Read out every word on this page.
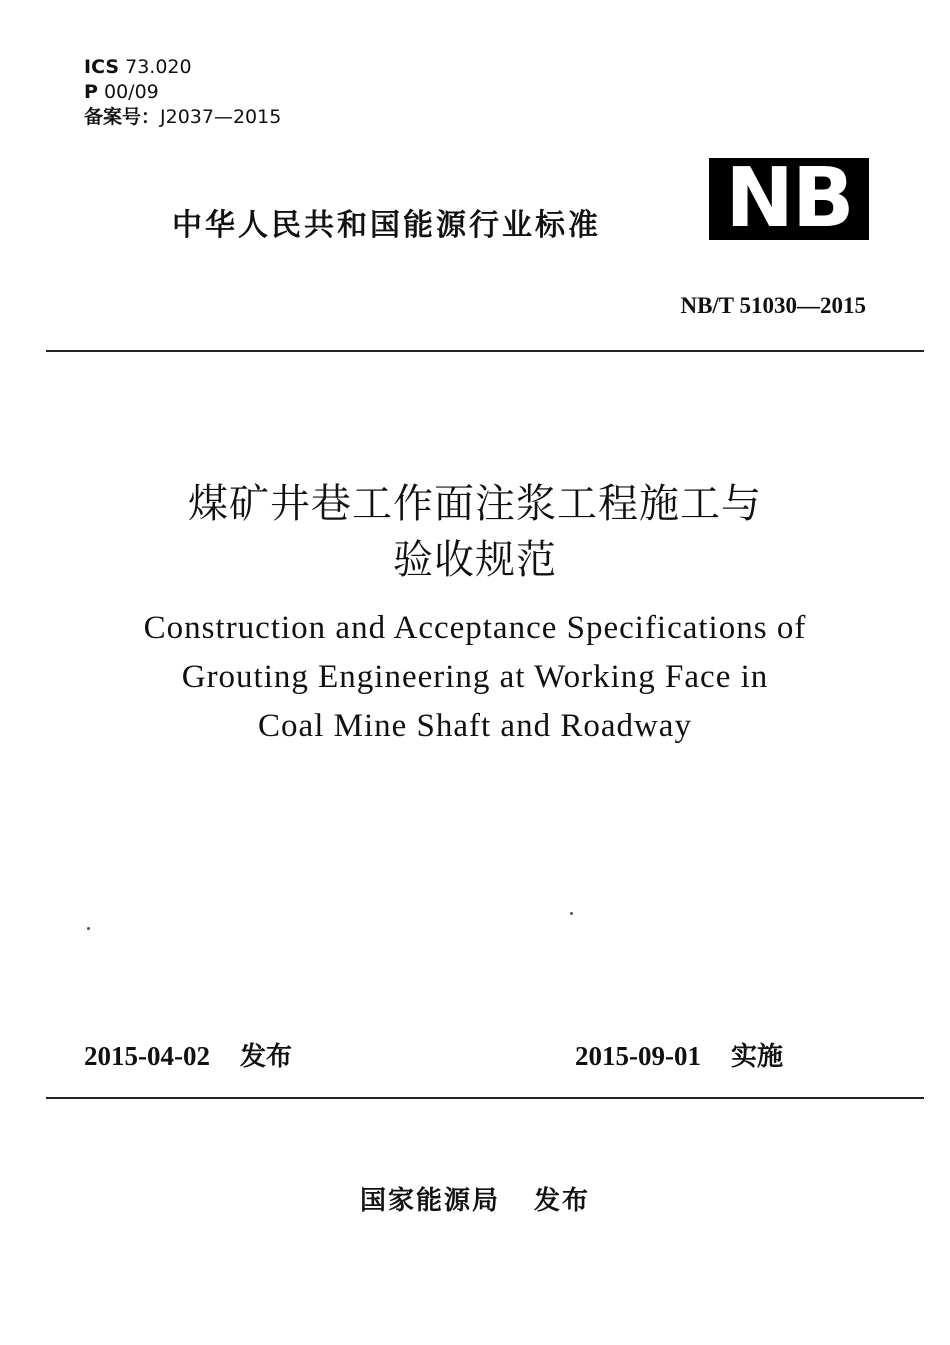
ICS 73.020
P 00/09
备案号：J2037—2015
中华人民共和国能源行业标准 NB
NB/T 51030—2015
煤矿井巷工作面注浆工程施工与
验收规范
Construction and Acceptance Specifications of
Grouting Engineering at Working Face in
Coal Mine Shaft and Roadway
2015-04-02 发布	2015-09-01 实施
国家能源局 发布
